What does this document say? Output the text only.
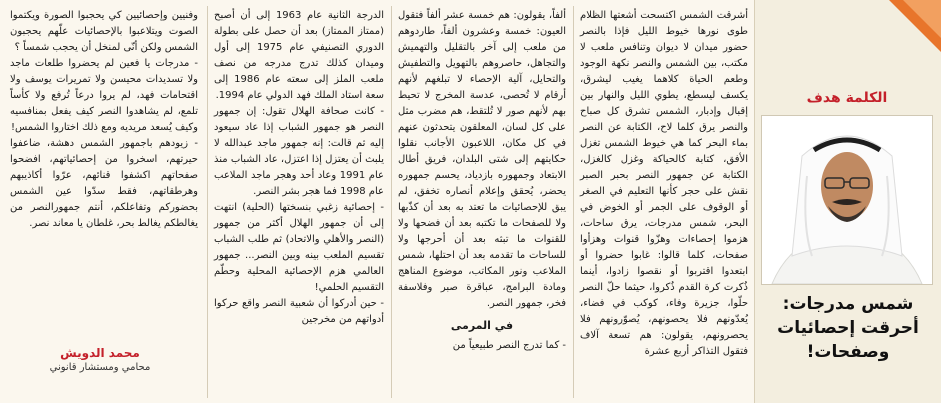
الكلمة هدف
شمس مدرجات: أحرقت إحصائيات وصفحات!

أشرقت الشمس اكتسحت أشعتها الظلام طوى نورها خيوط الليل فإذا بالنصر حضور ميدان لا ديوان وتنافس ملعب لا مكتب، بين الشمس والنصر نكهة الوجود وطعم الحياة كلاهما يغيب ليشرق، يكسف ليسطع، يطوي الليل والنهار بين إقبال وإدبار، الشمس تشرق كل صباح والنصر يرق كلما لاح، الكتابة عن النصر بماء البحر كما هي خيوط الشمس تغزل الأفق، كتابة كالحياكة وغزل كالغزل، الكتابة عن جمهور النصر بحبر الصبر نقش على حجر كأنها التعليم في الصغر أو الوقوف على الجمر أو الخوض في البحر، شمس مدرجات، يرق ساحات، هزموا إحصاءات وهزّوا قنوات وهزأوا صفحات، كلما قالوا: غابوا حضروا أو ابتعدوا اقتربوا أو نقصوا زادوا، أينما ذُكرت كرة القدم ذُكروا، حيثما حلّ النصر حلّوا، جزيرة وفاء، كوكب في فضاء، يُعدّونهم فلا يحصونهم، يُصوّرونهم فلا يحصرونهم، يقولون: هم تسعة آلاف فتقول التذاكر أربع عشرة

ألفاً، يقولون: هم خمسة عشر ألفاً فتقول العيون: خمسة وعشرون ألفاً، طاردوهم من ملعب إلى آخر بالتقليل والتهميش والتجاهل، حاصروهم بالتهويل والتطفيش والتحايل، آلية الإحصاء لا تبلغهم لأنهم أرقام لا تُحصى، عدسة المخرج لا تحيط بهم لأنهم صور لا تُلتقط، هم مضرب مثل على كل لسان، المعلقون يتحدثون عنهم في كل مكان، اللاعبون الأجانب نقلوا حكايتهم إلى شتى البلدان، فريق أطال الابتعاد وجمهوره بازدياد، يحسم جمهوره يحضر، يُحقق وإعلام أنصاره تخفق، لم يبق للإحصائيات ما تعتد به بعد أن كذّبها ولا للصفحات ما تكتبه بعد أن فضحها ولا للقنوات ما تبثه بعد أن أحرجها ولا للساحات ما تقدمه بعد أن احتلها، شمس الملاعب ونور المكاتب، موضوع المناهج ومادة البرامج، عباقرة صبر وفلاسفة فخر، جمهور النصر.

في المرمى

- كما تدرج النصر طبيعياً من

الدرجة الثانية عام 1963 إلى أن أصبح (ممتاز الممتاز) بعد أن حصل على بطولة الدوري التصنيفي عام 1975 إلى أول وميدان كذلك تدرج مدرجه من نصف ملعب الملز إلى سعته عام 1986 إلى سعة استاد الملك فهد الدولي عام 1994.

- كانت صحافة الهلال تقول: إن جمهور النصر هو جمهور الشباب إذا عاد سيعود إليه ثم قالت: إنه جمهور ماجد عبدالله لا يلبث أن يعتزل إذا اعتزل، عاد الشباب منذ عام 1991 وعاد أحد وهجر ماجد الملاعب عام 1998 فما هجر بشر النصر.

- إحصائية زغبي بنسختها (الحلية) انتهت إلى أن جمهور الهلال أكثر من جمهور (النصر والأهلي والاتحاد) ثم طلب الشباب تقسيم الملعب بينه وبين النصر... جمهور العالمي هزم الإحصائية المحلية وحطّم التقسيم الحلمي!

- حين أدركوا أن شعبية النصر واقع حركوا أدواتهم من مخرجين

وفنيين وإحصائيين كي يحجبوا الصورة ويكتموا الصوت ويتلاعبوا بالإحصائيات علّهم يحجبون الشمس ولكن أنّى لمنخل أن يحجب شمساً ؟

- مدرجات يا فعين لم يحضروا طلعات ماجد ولا تسديدات محيسن ولا تمريرات يوسف ولا اقتحامات فهد، لم يروا درعاً تُرفع ولا كأساً تلمع، لم يشاهدوا النصر كيف يفعل بمنافسيه وكيف يُسعد مريديه ومع ذلك اختاروا الشمس!

- زيودهم باجمهور الشمس دهشة، ضاعفوا حيرتهم، اسخروا من إحصائياتهم، افضحوا صفحاتهم اكشفوا قنائهم، عرّوا أكاذيبهم وهرطقاتهم، فقط سدّوا عين الشمس بحضوركم وتفاعلكم، أنتم جمهورالنصر من يغالطكم يغالط بحر، غلطان يا معاند نصر.

محمد الدويش
محامي ومستشار قانوني
